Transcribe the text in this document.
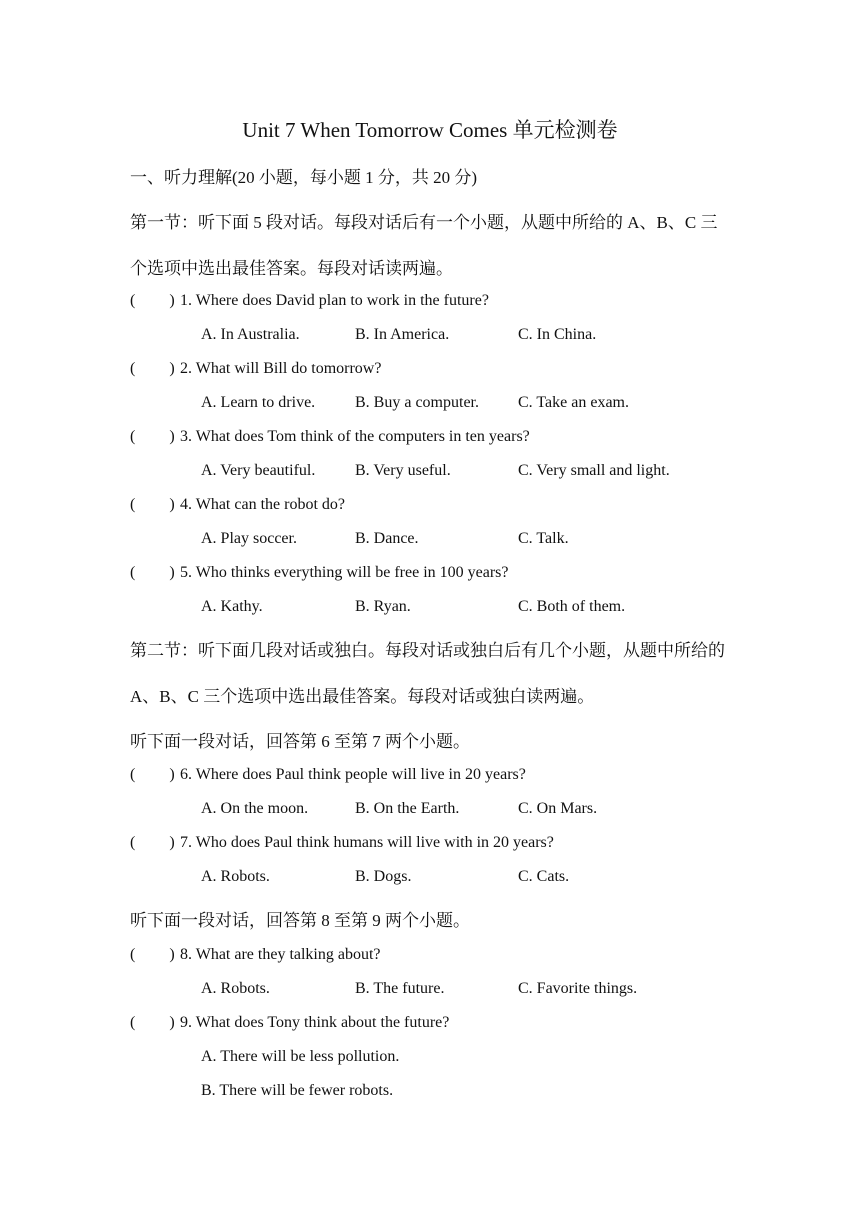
Unit 7 When Tomorrow Comes 单元检测卷
一、听力理解(20 小题，每小题 1 分，共 20 分)
第一节：听下面 5 段对话。每段对话后有一个小题，从题中所给的 A、B、C 三
个选项中选出最佳答案。每段对话读两遍。
( ) 1. Where does David plan to work in the future?
A. In Australia.	B. In America.	C. In China.
( ) 2. What will Bill do tomorrow?
A. Learn to drive. B. Buy a computer. C. Take an exam.
( ) 3. What does Tom think of the computers in ten years?
A. Very beautiful. B. Very useful.	C. Very small and light.
( ) 4. What can the robot do?
A. Play soccer.	B. Dance.	C. Talk.
( ) 5. Who thinks everything will be free in 100 years?
A. Kathy.	B. Ryan.	C. Both of them.
第二节：听下面几段对话或独白。每段对话或独白后有几个小题，从题中所给的
A、B、C 三个选项中选出最佳答案。每段对话或独白读两遍。
听下面一段对话，回答第 6 至第 7 两个小题。
( ) 6. Where does Paul think people will live in 20 years?
A. On the moon.	B. On the Earth.	C. On Mars.
( ) 7. Who does Paul think humans will live with in 20 years?
A. Robots.	B. Dogs.	C. Cats.
听下面一段对话，回答第 8 至第 9 两个小题。
( ) 8. What are they talking about?
A. Robots.	B. The future.	C. Favorite things.
( ) 9. What does Tony think about the future?
A. There will be less pollution.
B. There will be fewer robots.
